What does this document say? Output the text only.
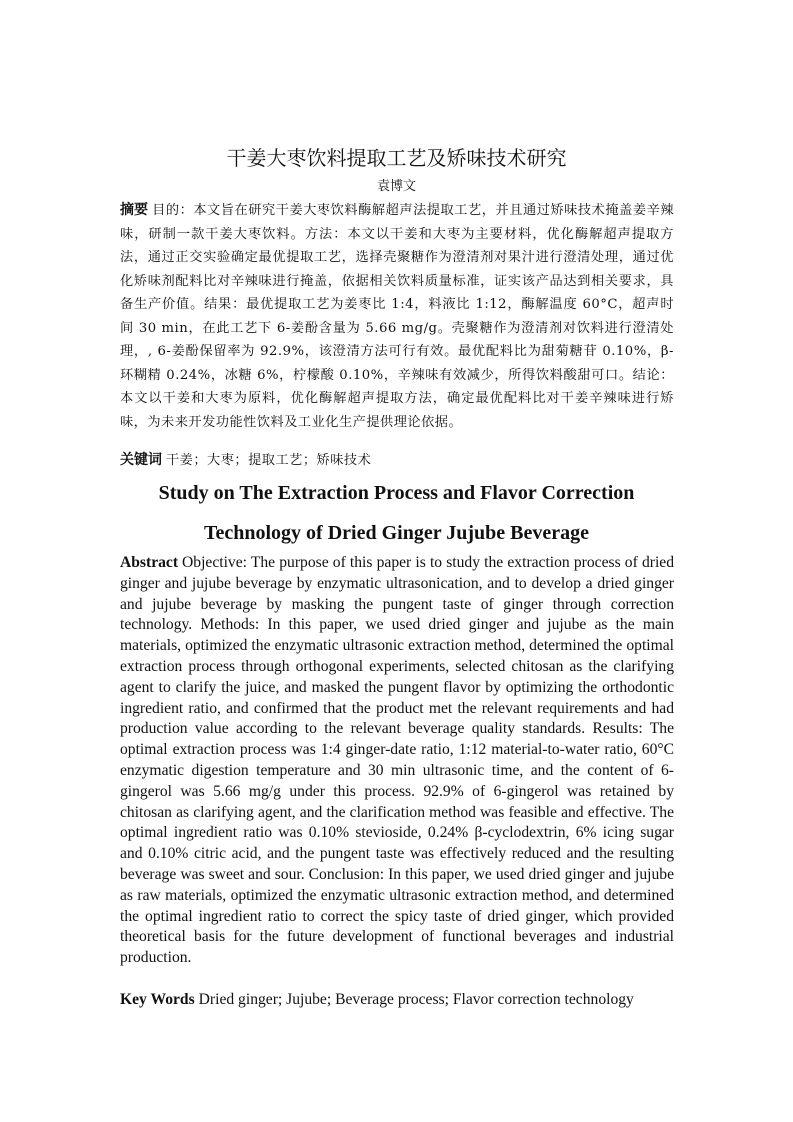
干姜大枣饮料提取工艺及矫味技术研究
袁博文
摘要 目的：本文旨在研究干姜大枣饮料酶解超声法提取工艺，并且通过矫味技术掩盖姜辛辣味，研制一款干姜大枣饮料。方法：本文以干姜和大枣为主要材料，优化酶解超声提取方法，通过正交实验确定最优提取工艺，选择壳聚糖作为澄清剂对果汁进行澄清处理，通过优化矫味剂配料比对辛辣味进行掩盖，依据相关饮料质量标准，证实该产品达到相关要求，具备生产价值。结果：最优提取工艺为姜枣比 1:4，料液比 1:12，酶解温度 60°C，超声时间 30 min，在此工艺下 6-姜酚含量为 5.66 mg/g。壳聚糖作为澄清剂对饮料进行澄清处理，, 6-姜酚保留率为 92.9%，该澄清方法可行有效。最优配料比为甜菊糖苷 0.10%，β-环糊精 0.24%，冰糖 6%，柠檬酸 0.10%，辛辣味有效减少，所得饮料酸甜可口。结论：本文以干姜和大枣为原料，优化酶解超声提取方法，确定最优配料比对干姜辛辣味进行矫味，为未来开发功能性饮料及工业化生产提供理论依据。
关键词 干姜；大枣；提取工艺；矫味技术
Study on The Extraction Process and Flavor Correction
Technology of Dried Ginger Jujube Beverage
Abstract Objective: The purpose of this paper is to study the extraction process of dried ginger and jujube beverage by enzymatic ultrasonication, and to develop a dried ginger and jujube beverage by masking the pungent taste of ginger through correction technology. Methods: In this paper, we used dried ginger and jujube as the main materials, optimized the enzymatic ultrasonic extraction method, determined the optimal extraction process through orthogonal experiments, selected chitosan as the clarifying agent to clarify the juice, and masked the pungent flavor by optimizing the orthodontic ingredient ratio, and confirmed that the product met the relevant requirements and had production value according to the relevant beverage quality standards. Results: The optimal extraction process was 1:4 ginger-date ratio, 1:12 material-to-water ratio, 60°C enzymatic digestion temperature and 30 min ultrasonic time, and the content of 6-gingerol was 5.66 mg/g under this process. 92.9% of 6-gingerol was retained by chitosan as clarifying agent, and the clarification method was feasible and effective. The optimal ingredient ratio was 0.10% stevioside, 0.24% β-cyclodextrin, 6% icing sugar and 0.10% citric acid, and the pungent taste was effectively reduced and the resulting beverage was sweet and sour. Conclusion: In this paper, we used dried ginger and jujube as raw materials, optimized the enzymatic ultrasonic extraction method, and determined the optimal ingredient ratio to correct the spicy taste of dried ginger, which provided theoretical basis for the future development of functional beverages and industrial production.
Key Words Dried ginger; Jujube; Beverage process; Flavor correction technology
